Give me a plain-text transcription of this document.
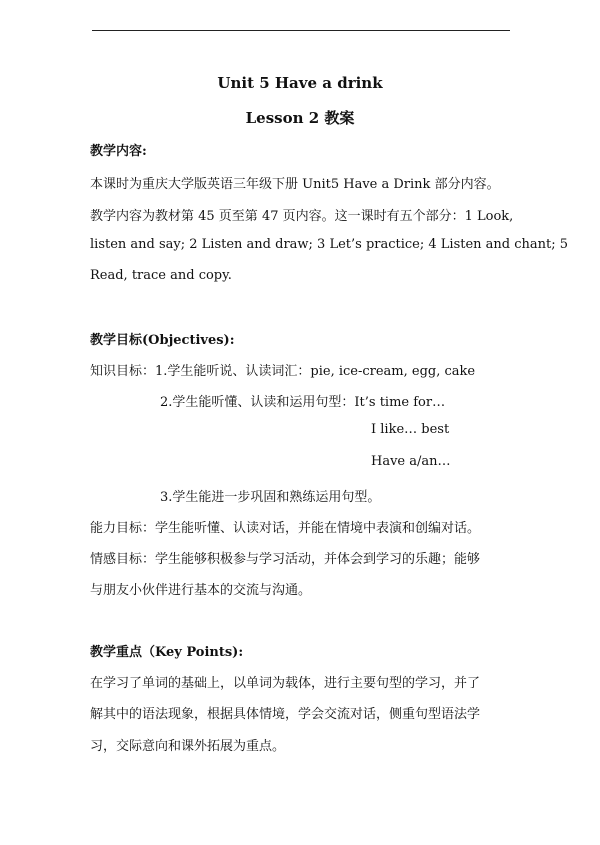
Unit 5 Have a drink
Lesson 2 教案
教学内容:
本课时为重庆大学版英语三年级下册 Unit5 Have a Drink 部分内容。
教学内容为教材第 45 页至第 47 页内容。这一课时有五个部分：1 Look,
listen and say; 2 Listen and draw; 3 Let’s practice; 4 Listen and chant; 5
Read, trace and copy.
教学目标(Objectives):
知识目标：1.学生能听说、认读词汇：pie, ice-cream, egg, cake
2.学生能听懂、认读和运用句型：It’s time for…
I like… best
Have a/an…
3.学生能进一步巩固和熟练运用句型。
能力目标：学生能听懂、认读对话，并能在情境中表演和创编对话。
情感目标：学生能够积极参与学习活动，并体会到学习的乐趣；能够
与朋友小伙伴进行基本的交流与沟通。
教学重点（Key Points):
在学习了单词的基础上，以单词为载体，进行主要句型的学习，并了
解其中的语法现象，根据具体情境，学会交流对话，侧重句型语法学
习，交际意向和课外拓展为重点。
